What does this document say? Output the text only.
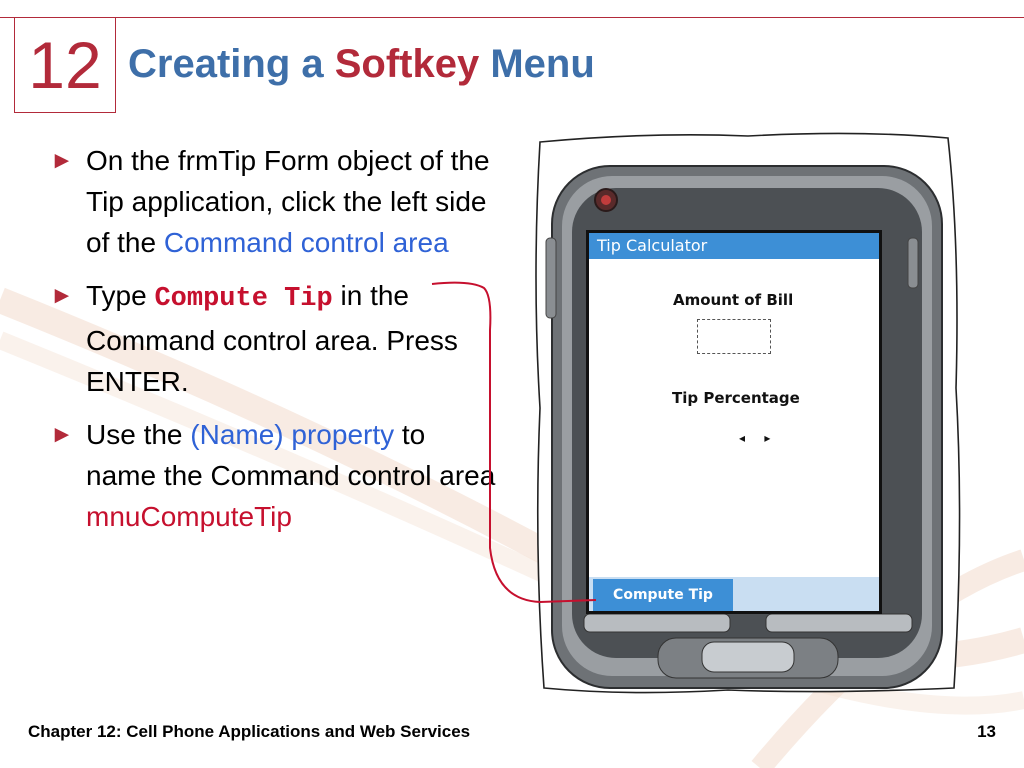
12 Creating a Softkey Menu
► On the frmTip Form object of the Tip application, click the left side of the Command control area
► Type Compute Tip in the Command control area. Press ENTER.
► Use the (Name) property to name the Command control area mnuComputeTip
Tip Calculator
Amount of Bill
Tip Percentage
◂ ▸
Compute Tip
Chapter 12: Cell Phone Applications and Web Services	13
